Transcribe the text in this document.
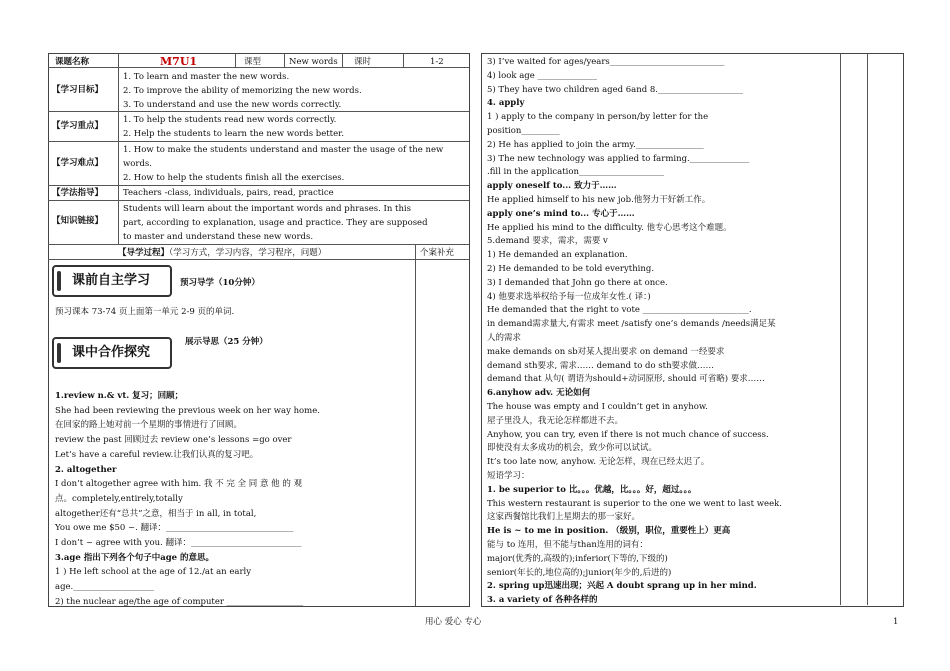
课题名称	M7U1	课型	New words 课时	1-2
【学习目标】
1. To learn and master the new words.
2. To improve the ability of memorizing the new words.
3. To understand and use the new words correctly.
【学习重点】
1. To help the students read new words correctly.
2. Help the students to learn the new words better.
【学习难点】
1. How to make the students understand and master the usage of the new
words.
2. How to help the students finish all the exercises.
【学法指导】 Teachers -class, individuals, pairs, read, practice
【知识链接】
Students will learn about the important words and phrases. In this
part, according to explanation, usage and practice. They are supposed
to master and understand these new words.
【导学过程】（学习方式，学习内容，学习程序，问题）	个案补充
课前自主学习	预习导学（10分钟）
预习课本 73-74 页上面第一单元 2-9 页的单词.
课中合作探究
展示导思（25 分钟）
1.review n.& vt. 复习；回顾；
She had been reviewing the previous week on her way home.
在回家的路上她对前一个星期的事情进行了回顾。
review the past 回顾过去 review one’s lessons =go over
Let’s have a careful review.让我们认真的复习吧。
2. altogether
I don’t altogether agree with him. 我 不 完 全 同 意 他 的 观
点。completely,entirely,totally
altogether还有“总共”之意，相当于 in all, in total,
You owe me $50 ~. 翻译：______________________________
I don’t ~ agree with you. 翻译：__________________________
3.age 指出下列各个句子中age 的意思。
1 ) He left school at the age of 12./at an early
age.___________________
2) the nuclear age/the age of computer __________________
3) I’ve waited for ages/years___________________________
4) look age ______________
5) They have two children aged 6and 8.____________________
4. apply
1 ) apply to the company in person/by letter for the
position_________
2) He has applied to join the army.________________
3) The new technology was applied to farming.______________
.fill in the application____________________
apply oneself to... 致力于……
He applied himself to his new job.他努力干好新工作。
apply one’s mind to... 专心于……
He applied his mind to the difficulty. 他专心思考这个难题。
5.demand 要求，需求，需要 v
1) He demanded an explanation.
2) He demanded to be told everything.
3) I demanded that John go there at once.
4) 他要求选举权给予每一位成年女性.( 译：)
He demanded that the right to vote _________________________.
in demand需求量大,有需求 meet /satisfy one’s demands /needs满足某
人的需求
make demands on sb对某人提出要求 on demand 一经要求
demand sth要求, 需求…… demand to do sth要求做……
demand that 从句( 谓语为should+动词原形, should 可省略) 要求……
6.anyhow adv. 无论如何
The house was empty and I couldn’t get in anyhow.
屋子里没人，我无论怎样都进不去。
Anyhow, you can try, even if there is not much chance of success.
即使没有太多成功的机会，致少你可以试试。
It’s too late now, anyhow. 无论怎样，现在已经太迟了。
短语学习：
1. be superior to 比。。。优越，比。。。好，超过。。。
This western restaurant is superior to the one we went to last week.
这家西餐馆比我们上星期去的那一家好。
He is ~ to me in position. （级别，职位，重要性上）更高
能与 to 连用，但不能与than连用的词有：
major(优秀的,高级的);inferior(下等的,下级的)
senior(年长的,地位高的);junior(年少的,后进的)
2. spring up迅速出现；兴起 A doubt sprang up in her mind.
3. a variety of 各种各样的
用心 爱心 专心	1
